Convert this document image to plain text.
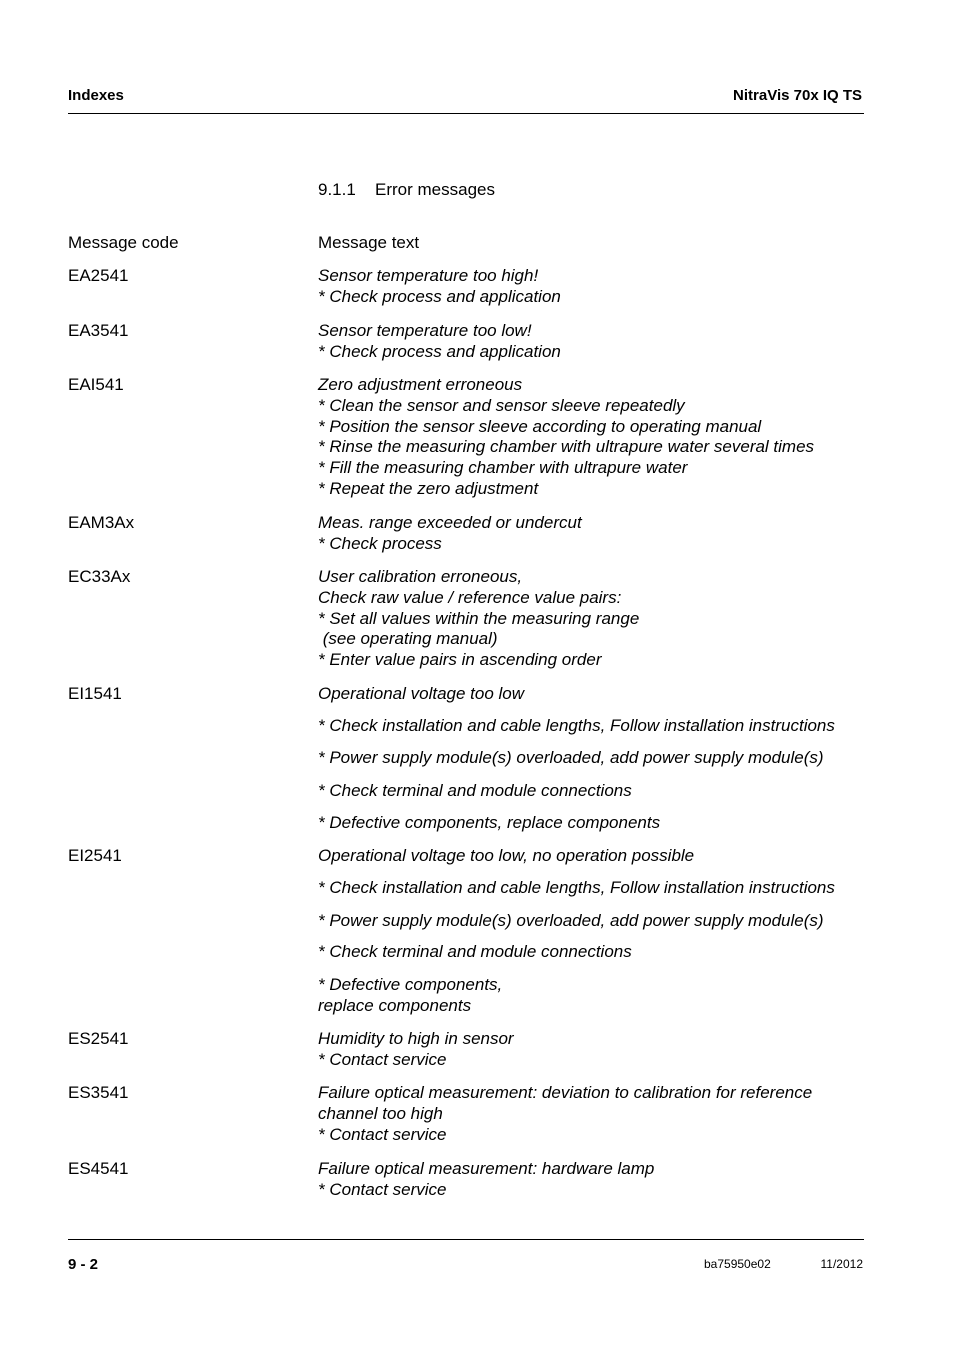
Indexes	NitraVis 70x IQ TS
9.1.1 Error messages
Message code	Message text
EA2541	Sensor temperature too high!
* Check process and application
EA3541	Sensor temperature too low!
* Check process and application
EAI541	Zero adjustment erroneous
* Clean the sensor and sensor sleeve repeatedly
* Position the sensor sleeve according to operating manual
* Rinse the measuring chamber with ultrapure water several times
* Fill the measuring chamber with ultrapure water
* Repeat the zero adjustment
EAM3Ax	Meas. range exceeded or undercut
* Check process
EC33Ax	User calibration erroneous,
Check raw value / reference value pairs:
* Set all values within the measuring range
(see operating manual)
* Enter value pairs in ascending order
EI1541	Operational voltage too low
* Check installation and cable lengths, Follow installation instructions
* Power supply module(s) overloaded, add power supply module(s)
* Check terminal and module connections
* Defective components, replace components
EI2541	Operational voltage too low, no operation possible
* Check installation and cable lengths, Follow installation instructions
* Power supply module(s) overloaded, add power supply module(s)
* Check terminal and module connections
* Defective components,
replace components
ES2541	Humidity to high in sensor
* Contact service
ES3541	Failure optical measurement: deviation to calibration for reference
channel too high
* Contact service
ES4541	Failure optical measurement: hardware lamp
* Contact service
9 - 2	ba75950e02	11/2012
